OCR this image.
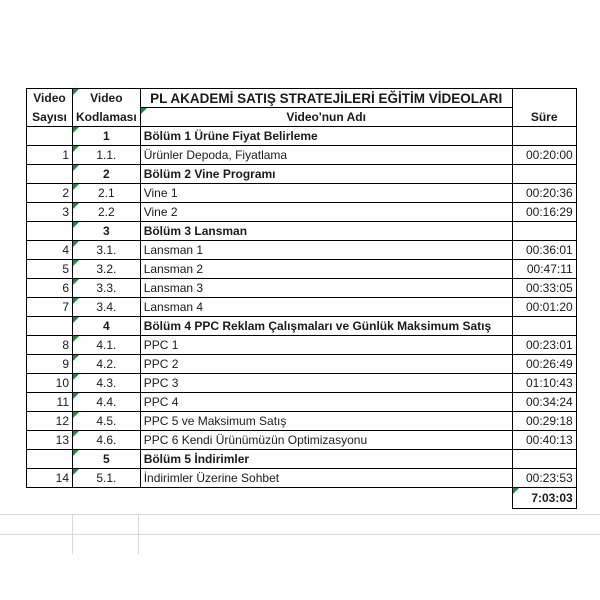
Video	Video	PL AKADEMİ SATIŞ STRATEJİLERİ EĞİTİM VİDEOLARI	
Sayısı	Kodlaması	Video'nun Adı	Süre
	1	Bölüm 1 Ürüne Fiyat Belirleme	
1	1.1.	Ürünler Depoda, Fiyatlama	00:20:00
	2	Bölüm 2 Vine Programı	
2	2.1	Vine 1	00:20:36
3	2.2	Vine 2	00:16:29
	3	Bölüm 3 Lansman	
4	3.1.	Lansman 1	00:36:01
5	3.2.	Lansman 2	00:47:11
6	3.3.	Lansman 3	00:33:05
7	3.4.	Lansman 4	00:01:20
	4	Bölüm 4 PPC Reklam Çalışmaları ve Günlük Maksimum Satış	
8	4.1.	PPC 1	00:23:01
9	4.2.	PPC 2	00:26:49
10	4.3.	PPC 3	01:10:43
11	4.4.	PPC 4	00:34:24
12	4.5.	PPC 5 ve Maksimum Satış	00:29:18
13	4.6.	PPC 6 Kendi Ürünümüzün Optimizasyonu	00:40:13
	5	Bölüm 5 İndirimler	
14	5.1.	İndirimler Üzerine Sohbet	00:23:53
			7:03:03
